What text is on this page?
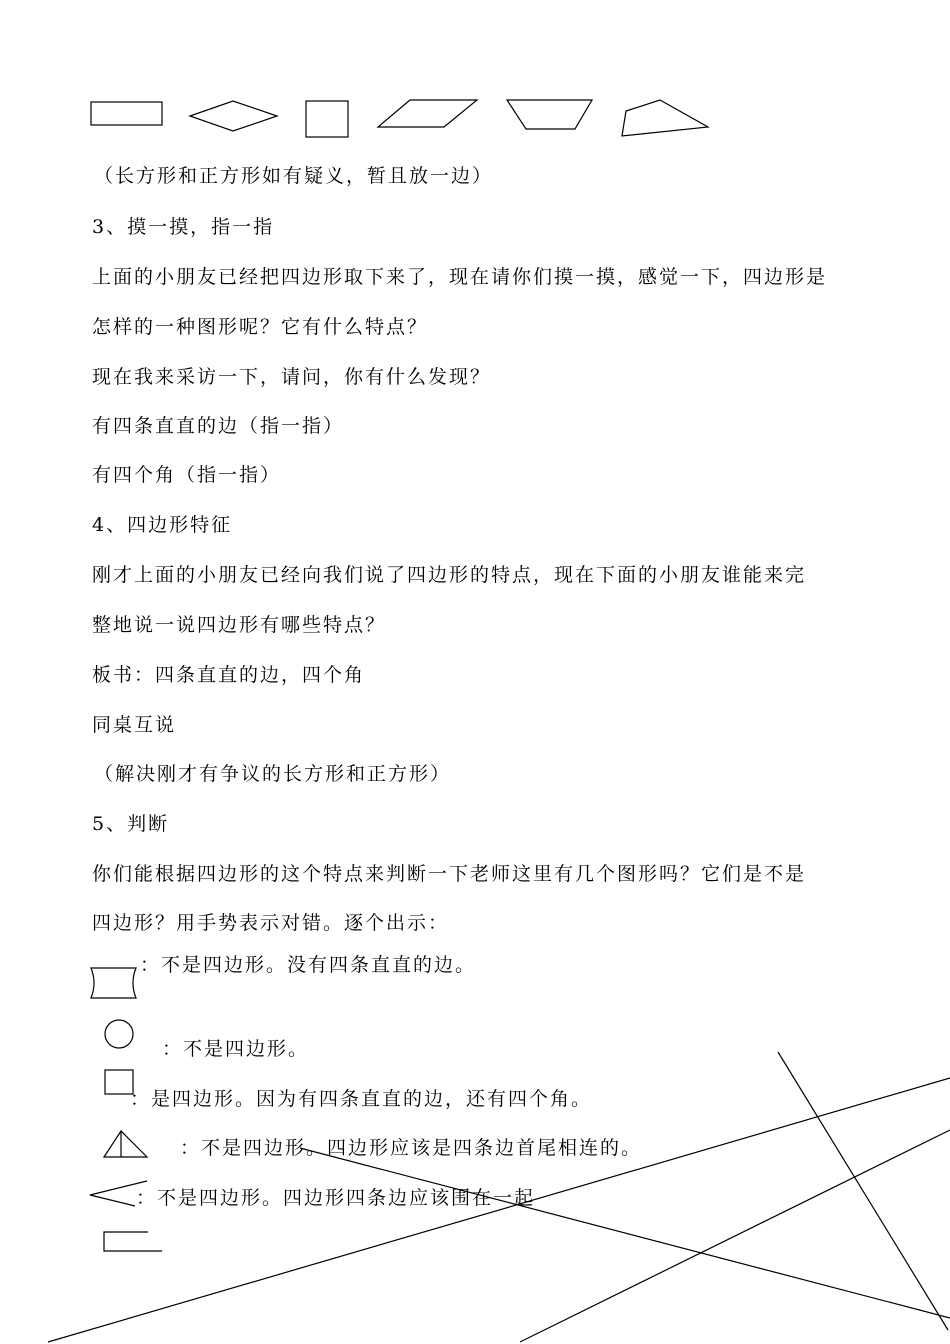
（长方形和正方形如有疑义，暂且放一边）
3、摸一摸，指一指
上面的小朋友已经把四边形取下来了，现在请你们摸一摸，感觉一下，四边形是
怎样的一种图形呢？它有什么特点？
现在我来采访一下，请问，你有什么发现？
有四条直直的边（指一指）
有四个角（指一指）
4、四边形特征
刚才上面的小朋友已经向我们说了四边形的特点，现在下面的小朋友谁能来完
整地说一说四边形有哪些特点？
板书：四条直直的边，四个角
同桌互说
（解决刚才有争议的长方形和正方形）
5、判断
你们能根据四边形的这个特点来判断一下老师这里有几个图形吗？它们是不是
四边形？用手势表示对错。逐个出示：
：不是四边形。没有四条直直的边。
：不是四边形。
：是四边形。因为有四条直直的边，还有四个角。
：不是四边形。四边形应该是四条边首尾相连的。
：不是四边形。四边形四条边应该围在一起
